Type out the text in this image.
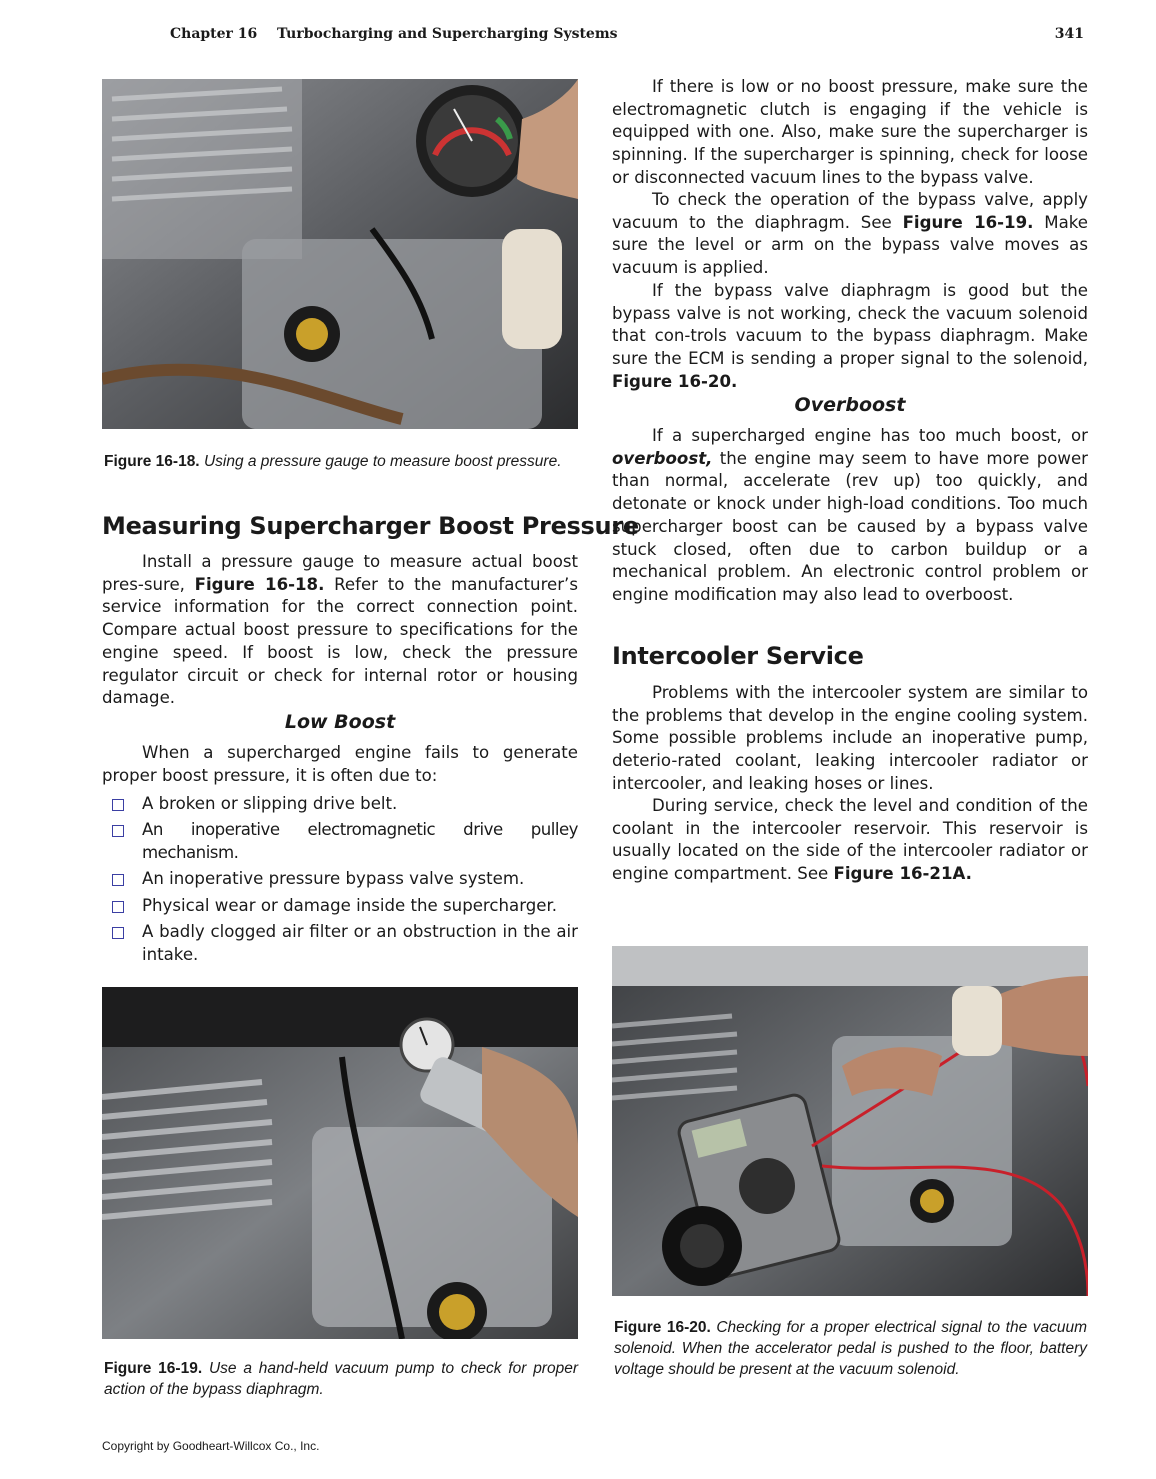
Chapter 16 Turbocharging and Supercharging Systems	341

Figure 16-18. Using a pressure gauge to measure boost pressure.

Measuring Supercharger Boost Pressure

Install a pressure gauge to measure actual boost pres-sure, Figure 16-18. Refer to the manufacturer’s service information for the correct connection point. Compare actual boost pressure to specifications for the engine speed. If boost is low, check the pressure regulator circuit or check for internal rotor or housing damage.

Low Boost

When a supercharged engine fails to generate proper boost pressure, it is often due to:

A broken or slipping drive belt.
An inoperative electromagnetic drive pulley mechanism.
An inoperative pressure bypass valve system.
Physical wear or damage inside the supercharger.
A badly clogged air filter or an obstruction in the air intake.

Figure 16-19. Use a hand-held vacuum pump to check for proper action of the bypass diaphragm.

If there is low or no boost pressure, make sure the electromagnetic clutch is engaging if the vehicle is equipped with one. Also, make sure the supercharger is spinning. If the supercharger is spinning, check for loose or disconnected vacuum lines to the bypass valve.

To check the operation of the bypass valve, apply vacuum to the diaphragm. See Figure 16-19. Make sure the level or arm on the bypass valve moves as vacuum is applied.

If the bypass valve diaphragm is good but the bypass valve is not working, check the vacuum solenoid that con-trols vacuum to the bypass diaphragm. Make sure the ECM is sending a proper signal to the solenoid, Figure 16-20.

Overboost

If a supercharged engine has too much boost, or overboost, the engine may seem to have more power than normal, accelerate (rev up) too quickly, and detonate or knock under high-load conditions. Too much supercharger boost can be caused by a bypass valve stuck closed, often due to carbon buildup or a mechanical problem. An electronic control problem or engine modification may also lead to overboost.

Intercooler Service

Problems with the intercooler system are similar to the problems that develop in the engine cooling system. Some possible problems include an inoperative pump, deterio-rated coolant, leaking intercooler radiator or intercooler, and leaking hoses or lines.

During service, check the level and condition of the coolant in the intercooler reservoir. This reservoir is usually located on the side of the intercooler radiator or engine compartment. See Figure 16-21A.

Figure 16-20. Checking for a proper electrical signal to the vacuum solenoid. When the accelerator pedal is pushed to the floor, battery voltage should be present at the vacuum solenoid.

Copyright by Goodheart-Willcox Co., Inc.
